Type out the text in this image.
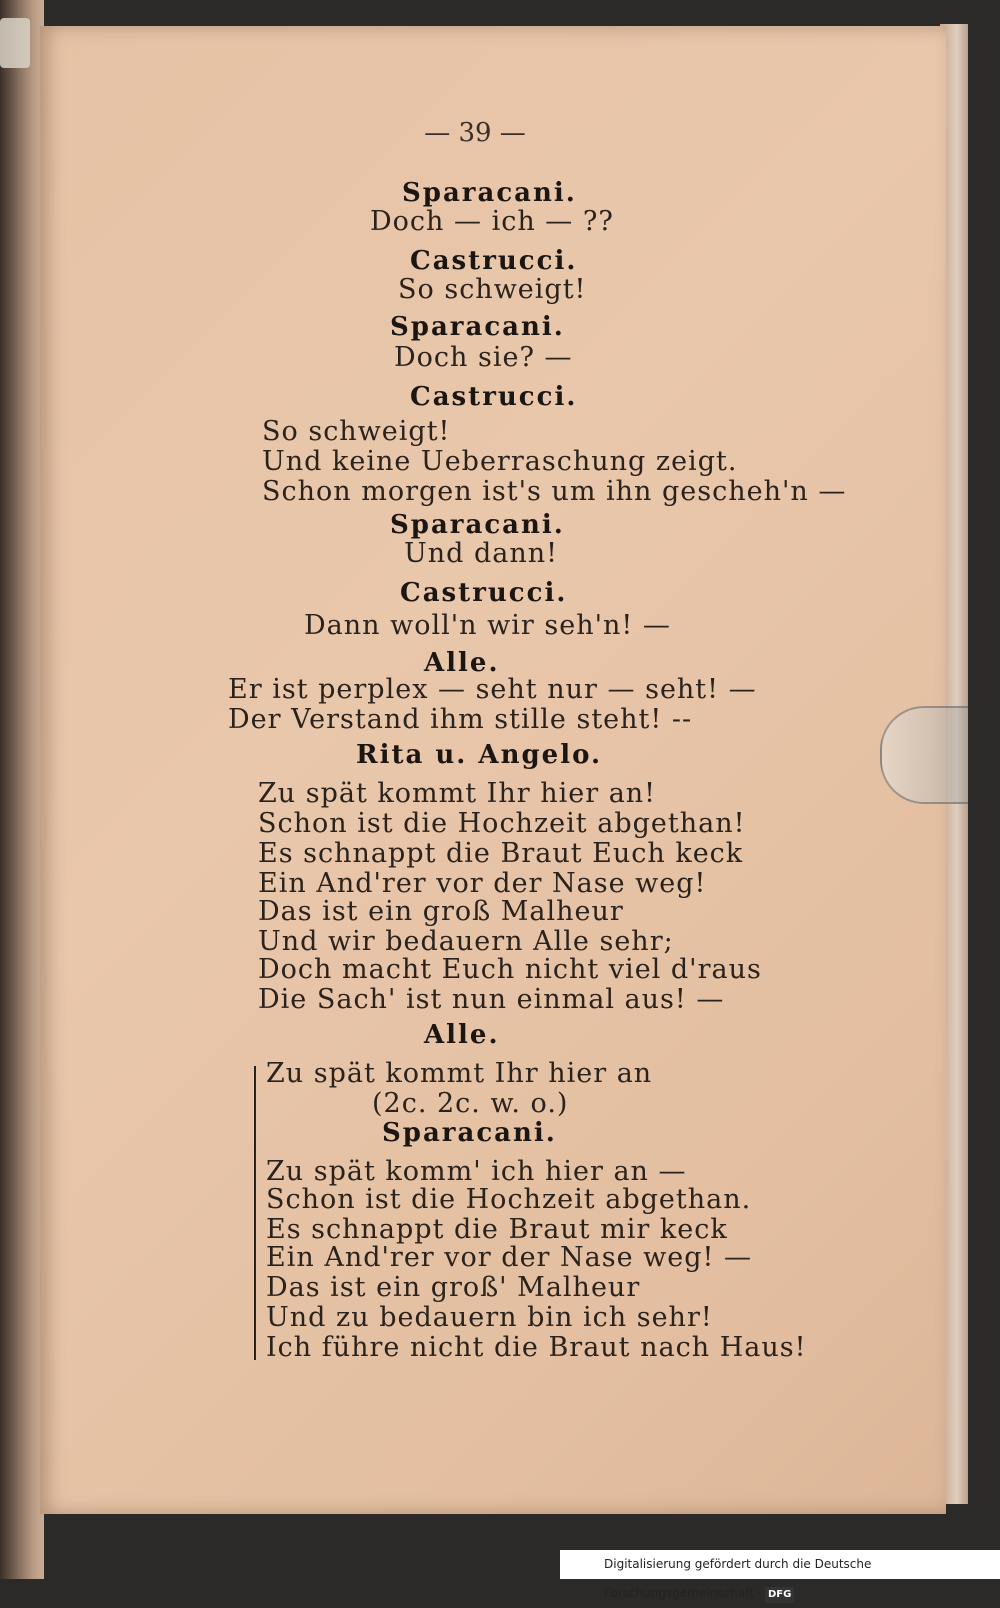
— 39 —
Sparacani.
Doch — ich — ??
Castrucci.
So schweigt!
Sparacani.
Doch sie? —
Castrucci.
So schweigt!
Und keine Ueberraschung zeigt.
Schon morgen ist's um ihn gescheh'n —
Sparacani.
Und dann!
Castrucci.
Dann woll'n wir seh'n! —
Alle.
Er ist perplex — seht nur — seht! —
Der Verstand ihm stille steht! --
Rita u. Angelo.
Zu spät kommt Ihr hier an!
Schon ist die Hochzeit abgethan!
Es schnappt die Braut Euch keck
Ein And'rer vor der Nase weg!
Das ist ein groß Malheur
Und wir bedauern Alle sehr;
Doch macht Euch nicht viel d'raus
Die Sach' ist nun einmal aus! —
Alle.
Zu spät kommt Ihr hier an
(2c. 2c. w. o.)
Sparacani.
Zu spät komm' ich hier an —
Schon ist die Hochzeit abgethan.
Es schnappt die Braut mir keck
Ein And'rer vor der Nase weg! —
Das ist ein groß' Malheur
Und zu bedauern bin ich sehr!
Ich führe nicht die Braut nach Haus!
Digitalisierung gefördert durch die Deutsche Forschungsgemeinschaft - DFG
